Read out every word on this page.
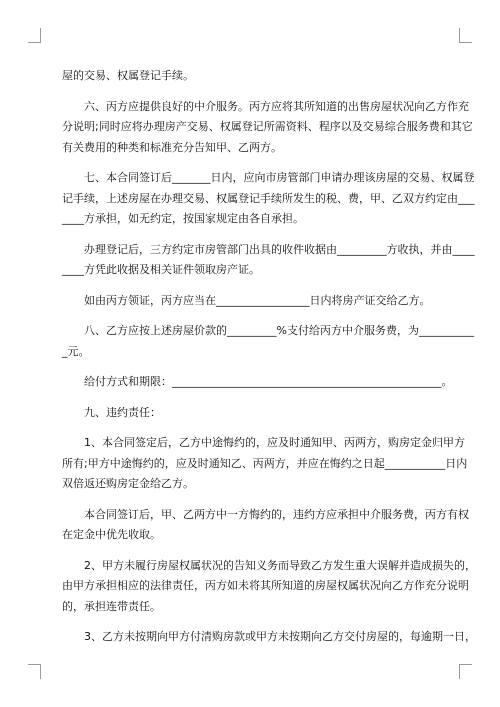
屋的交易、权属登记手续。
六、丙方应提供良好的中介服务。丙方应将其所知道的出售房屋状况向乙方作充
分说明;同时应将办理房产交易、权属登记所需资料、程序以及交易综合服务费和其它
有关费用的种类和标准充分告知甲、乙两方。
七、本合同签订后_______日内，应向市房管部门申请办理该房屋的交易、权属登
记手续，上述房屋在办理交易、权属登记手续所发生的税、费，甲、乙双方约定由___
____方承担，如无约定，按国家规定由各自承担。
办理登记后，三方约定市房管部门出具的收件收据由_________方收执，并由____
____方凭此收据及相关证件领取房产证。
如由丙方领证，丙方应当在_________________日内将房产证交给乙方。
八、乙方应按上述房屋价款的_________%支付给丙方中介服务费，为__________
_元。
给付方式和期限：_________________________________________________。
九、违约责任：
1、本合同签定后，乙方中途悔约的，应及时通知甲、丙两方，购房定金归甲方
所有;甲方中途悔约的，应及时通知乙、丙两方，并应在悔约之日起___________日内
双倍返还购房定金给乙方。
本合同签订后，甲、乙两方中一方悔约的，违约方应承担中介服务费，丙方有权
在定金中优先收取。
2、甲方未履行房屋权属状况的告知义务而导致乙方发生重大误解并造成损失的，
由甲方承担相应的法律责任，丙方如未将其所知道的房屋权属状况向乙方作充分说明
的，承担连带责任。
3、乙方未按期向甲方付清购房款或甲方未按期向乙方交付房屋的，每逾期一日，
